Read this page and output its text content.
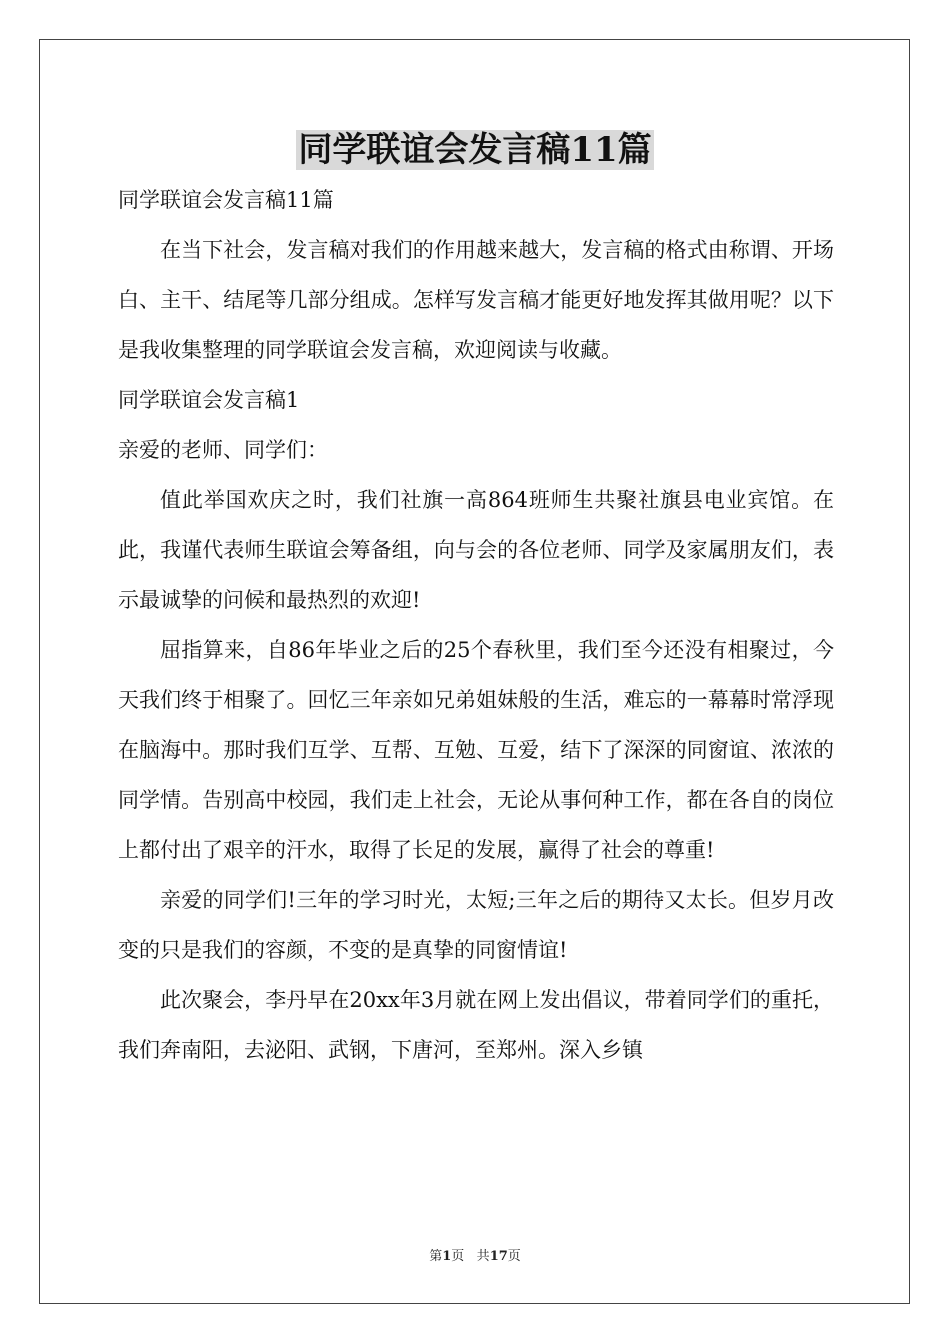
同学联谊会发言稿11篇

同学联谊会发言稿11篇

在当下社会，发言稿对我们的作用越来越大，发言稿的格式由称谓、开场白、主干、结尾等几部分组成。怎样写发言稿才能更好地发挥其做用呢？以下是我收集整理的同学联谊会发言稿，欢迎阅读与收藏。

同学联谊会发言稿1

亲爱的老师、同学们：

值此举国欢庆之时，我们社旗一高864班师生共聚社旗县电业宾馆。在此，我谨代表师生联谊会筹备组，向与会的各位老师、同学及家属朋友们，表示最诚挚的问候和最热烈的欢迎!

屈指算来，自86年毕业之后的25个春秋里，我们至今还没有相聚过，今天我们终于相聚了。回忆三年亲如兄弟姐妹般的生活，难忘的一幕幕时常浮现在脑海中。那时我们互学、互帮、互勉、互爱，结下了深深的同窗谊、浓浓的同学情。告别高中校园，我们走上社会，无论从事何种工作，都在各自的岗位上都付出了艰辛的汗水，取得了长足的发展，赢得了社会的尊重!

亲爱的同学们!三年的学习时光，太短;三年之后的期待又太长。但岁月改变的只是我们的容颜，不变的是真挚的同窗情谊!

此次聚会，李丹早在20xx年3月就在网上发出倡议，带着同学们的重托，我们奔南阳，去泌阳、武钢，下唐河，至郑州。深入乡镇

第1页 共17页
